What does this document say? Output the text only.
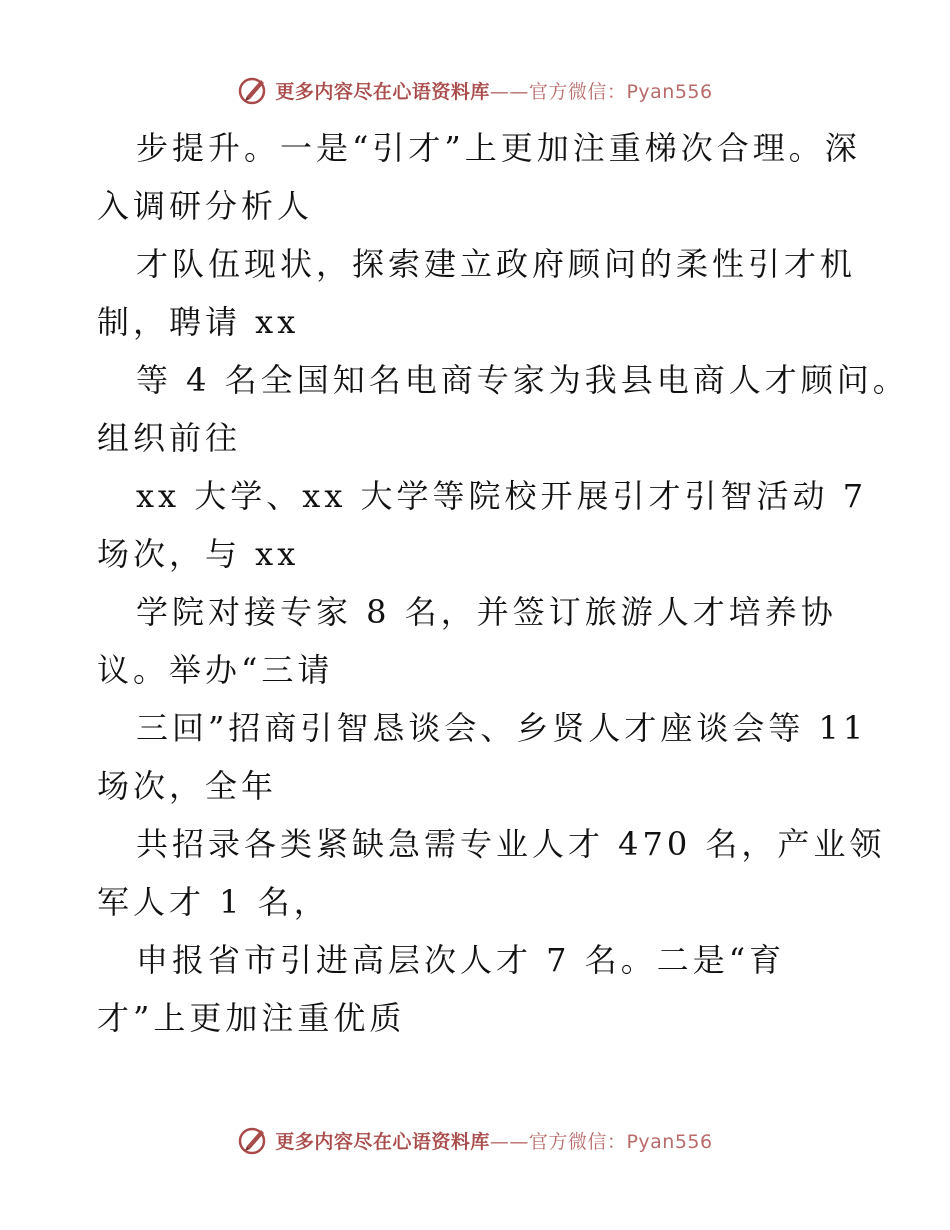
更多内容尽在心语资料库——官方微信：Pyan556
步提升。一是“引才”上更加注重梯次合理。深
入调研分析人
才队伍现状，探索建立政府顾问的柔性引才机
制，聘请 xx
等 4 名全国知名电商专家为我县电商人才顾问。
组织前往
xx 大学、xx 大学等院校开展引才引智活动 7
场次，与 xx
学院对接专家 8 名，并签订旅游人才培养协
议。举办“三请
三回”招商引智恳谈会、乡贤人才座谈会等 11
场次，全年
共招录各类紧缺急需专业人才 470 名，产业领
军人才 1 名，
申报省市引进高层次人才 7 名。二是“育
才”上更加注重优质
更多内容尽在心语资料库——官方微信：Pyan556
